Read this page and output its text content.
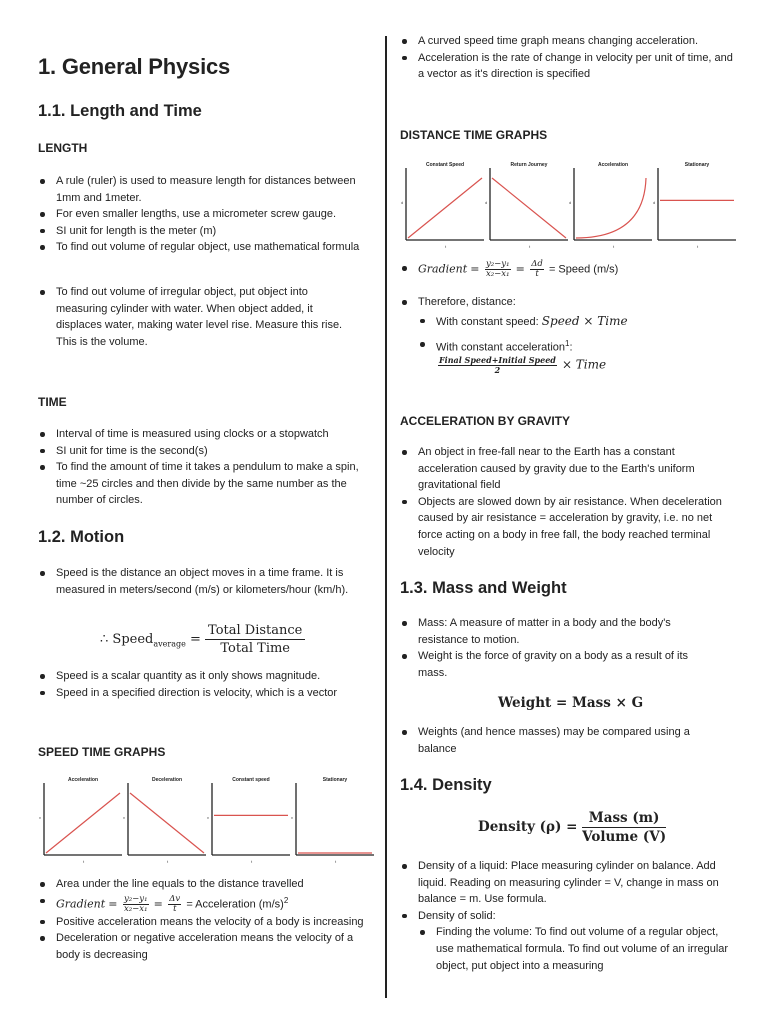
1. General Physics
1.1. Length and Time
LENGTH
A rule (ruler) is used to measure length for distances between 1mm and 1meter.
For even smaller lengths, use a micrometer screw gauge.
SI unit for length is the meter (m)
To find out volume of regular object, use mathematical formula
To find out volume of irregular object, put object into measuring cylinder with water. When object added, it displaces water, making water level rise. Measure this rise. This is the volume.
TIME
Interval of time is measured using clocks or a stopwatch
SI unit for time is the second(s)
To find the amount of time it takes a pendulum to make a spin, time ~25 circles and then divide by the same number as the number of circles.
1.2. Motion
Speed is the distance an object moves in a time frame. It is measured in meters/second (m/s) or kilometers/hour (km/h).
∴ Speed$_{average}$ =
Total Distance
Total Time
Speed is a scalar quantity as it only shows magnitude.
Speed in a specified direction is velocity, which is a vector
SPEED TIME GRAPHS
Acceleration
v
t
Deceleration
v
t
Constant speed
v
t
Stationary
v
t
Area under the line equals to the distance travelled
Gradient = $\frac{\text{y₂−y₁}}{\text{x₂−x₁}} = \frac{\Delta v}{t}$ = Acceleration $(m/s)^2$
Positive acceleration means the velocity of a body is increasing
Deceleration or negative acceleration means the velocity of a body is decreasing
A curved speed time graph means changing acceleration.
Acceleration is the rate of change in velocity per unit of time, and a vector as it's direction is specified
DISTANCE TIME GRAPHS
Constant Speed
d
t
Return Journey
d
t
Acceleration
d
t
Stationary
d
t
Gradient = $\frac{\text{y₂−y₁}}{\text{x₂−x₁}} = \frac{\Delta d}{t}$ = Speed (m/s)
Therefore, distance:
With constant speed: Speed × Time
With constant acceleration$^1$:

$\frac{\text{Final Speed+Initial Speed}}{2}$ × Time
ACCELERATION BY GRAVITY
An object in free-fall near to the Earth has a constant acceleration caused by gravity due to the Earth's uniform gravitational field
Objects are slowed down by air resistance. When deceleration caused by air resistance = acceleration by gravity, i.e. no net force acting on a body in free fall, the body reached terminal velocity
1.3. Mass and Weight
Mass: A measure of matter in a body and the body's resistance to motion.
Weight is the force of gravity on a body as a result of its mass.
Weight = Mass × G
Weights (and hence masses) may be compared using a balance
1.4. Density
Density (ρ) =
Mass (m)
Volume (V)
Density of a liquid: Place measuring cylinder on balance. Add liquid. Reading on measuring cylinder = V, change in mass on balance = m. Use formula.
Density of solid:
Finding the volume: To find out volume of a regular object, use mathematical formula. To find out volume of an irregular object, put object into a measuring
